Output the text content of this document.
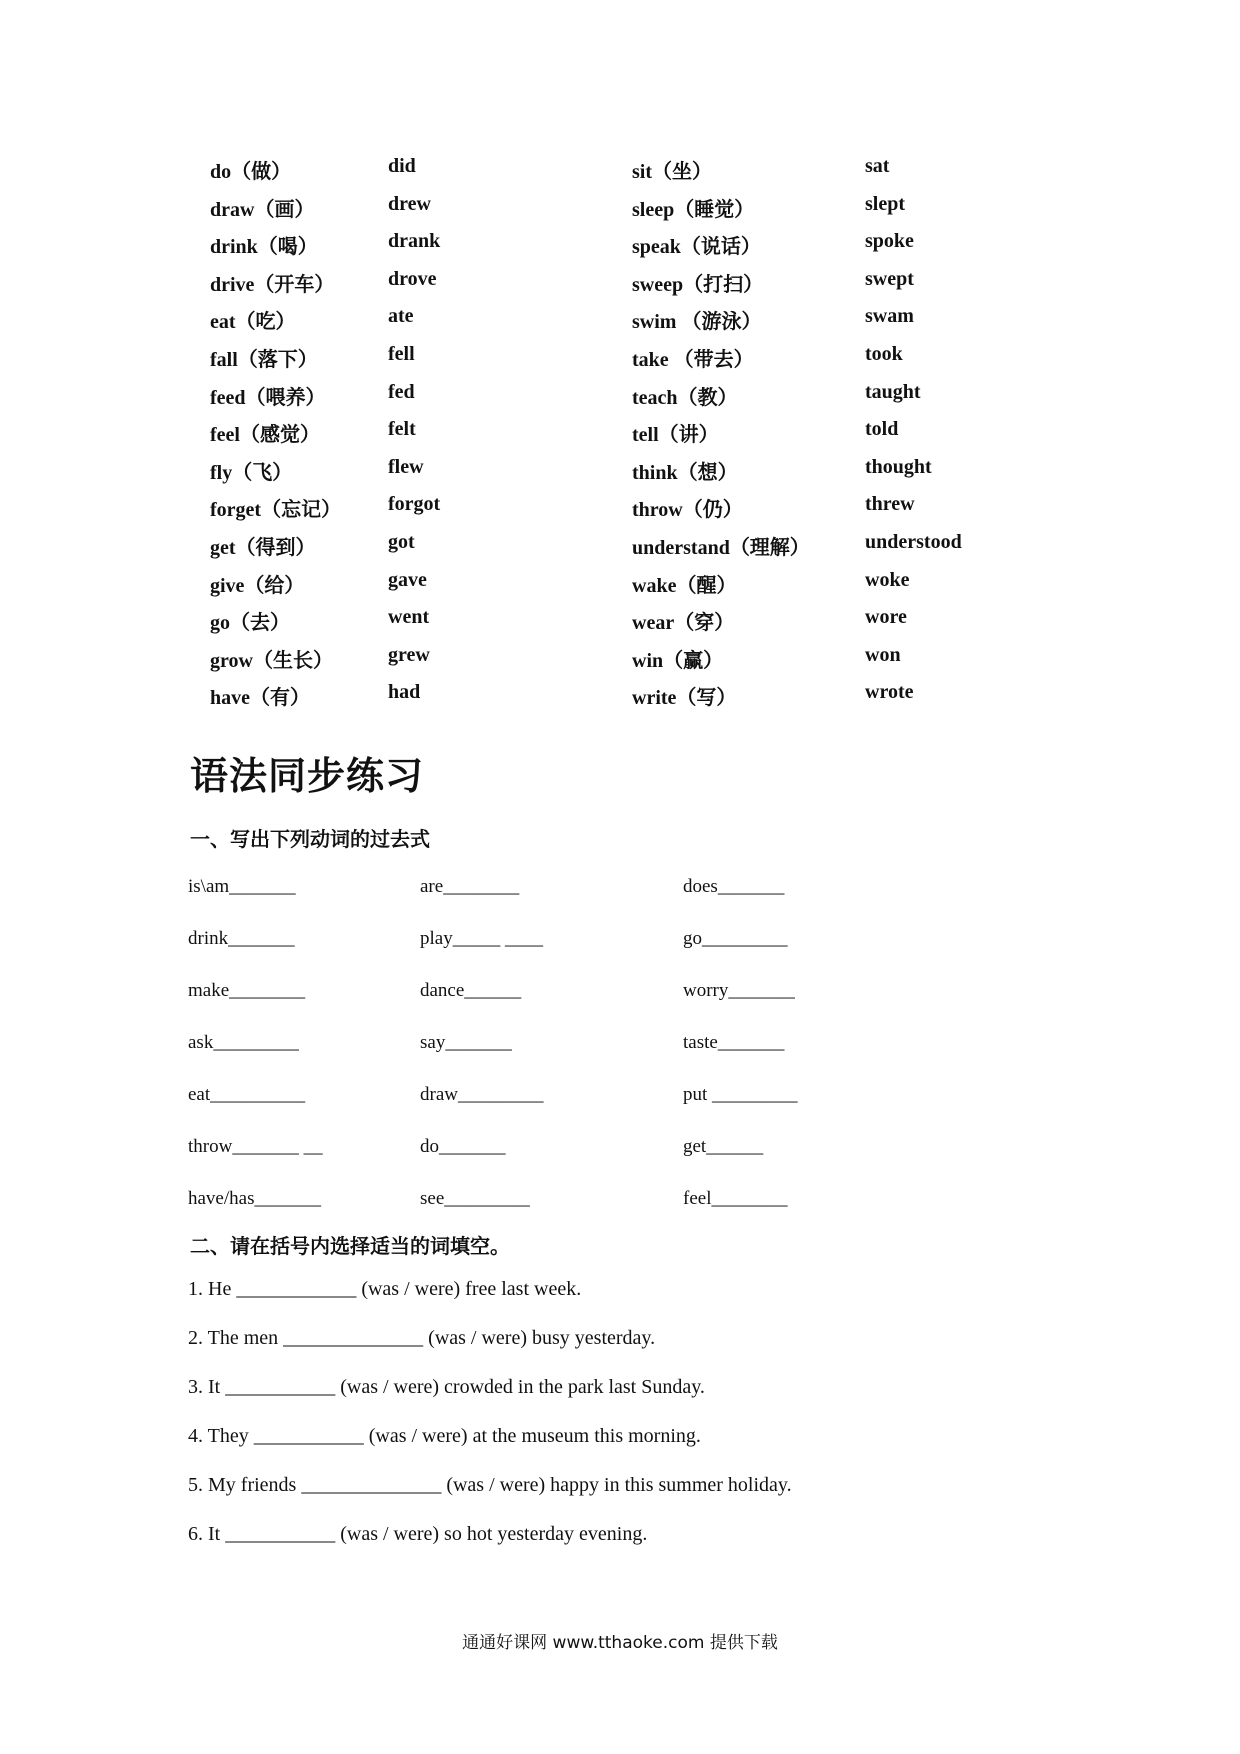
do（做）	did	sit（坐）	sat
draw（画）	drew	sleep（睡觉）	slept
drink（喝）	drank	speak（说话）	spoke
drive（开车）	drove	sweep（打扫）	swept
eat（吃）	ate	swim （游泳）	swam
fall（落下）	fell	take （带去）	took
feed（喂养）	fed	teach（教）	taught
feel（感觉）	felt	tell（讲）	told
fly（飞）	flew	think（想）	thought
forget（忘记） forgot	throw（仍）	threw
get（得到）	got	understand（理解）	understood
give（给）	gave	wake（醒）	woke
go（去）	went	wear（穿）	wore
grow（生长）	grew	win（赢）	won
have（有）	had	write（写）	wrote
语法同步练习
一、写出下列动词的过去式
is\am_______	are________	does_______
drink_______	play_____ ____	go_________
make________	dance______	worry_______
ask_________	say_______	taste_______
eat__________	draw_________	put _________
throw_______ __	do_______	get______
have/has_______	see_________	feel________
二、请在括号内选择适当的词填空。
1. He ____________ (was / were) free last week.
2. The men ______________ (was / were) busy yesterday.
3. It ___________ (was / were) crowded in the park last Sunday.
4. They ___________ (was / were) at the museum this morning.
5. My friends ______________ (was / were) happy in this summer holiday.
6. It ___________ (was / were) so hot yesterday evening.
通通好课网 www.tthaoke.com 提供下载
